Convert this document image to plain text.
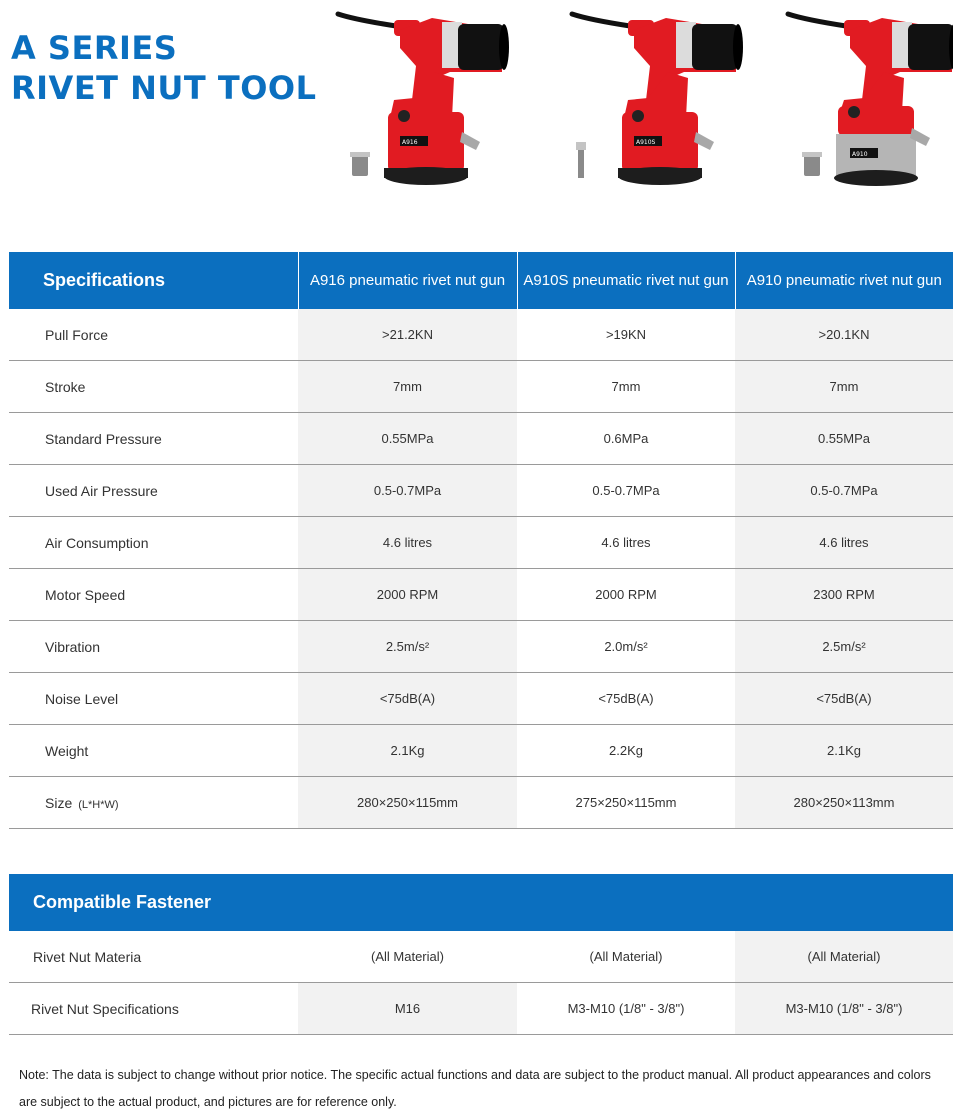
A SERIES
RIVET NUT TOOL
A916	A910S
A910
Specifications	A916 pneumatic rivet nut gun	A910S pneumatic rivet nut gun	A910 pneumatic rivet nut gun
Pull Force	>21.2KN	>19KN	>20.1KN
Stroke	7mm	7mm	7mm
Standard Pressure	0.55MPa	0.6MPa	0.55MPa
Used Air Pressure	0.5-0.7MPa	0.5-0.7MPa	0.5-0.7MPa
Air Consumption	4.6 litres	4.6 litres	4.6 litres
Motor Speed	2000 RPM	2000 RPM	2300 RPM
Vibration	2.5m/s²	2.0m/s²	2.5m/s²
Noise Level	<75dB(A)	<75dB(A)	<75dB(A)
Weight	2.1Kg	2.2Kg	2.1Kg
Size (L*H*W)	280×250×115mm	275×250×115mm	280×250×113mm
Compatible Fastener			
Rivet Nut Materia	(All Material)	(All Material)	(All Material)
Rivet Nut Specifications	M16	M3-M10 (1/8" - 3/8")	M3-M10 (1/8" - 3/8")
Note: The data is subject to change without prior notice. The specific actual functions and data are subject to the product manual. All product appearances and colors are subject to the actual product, and pictures are for reference only.
